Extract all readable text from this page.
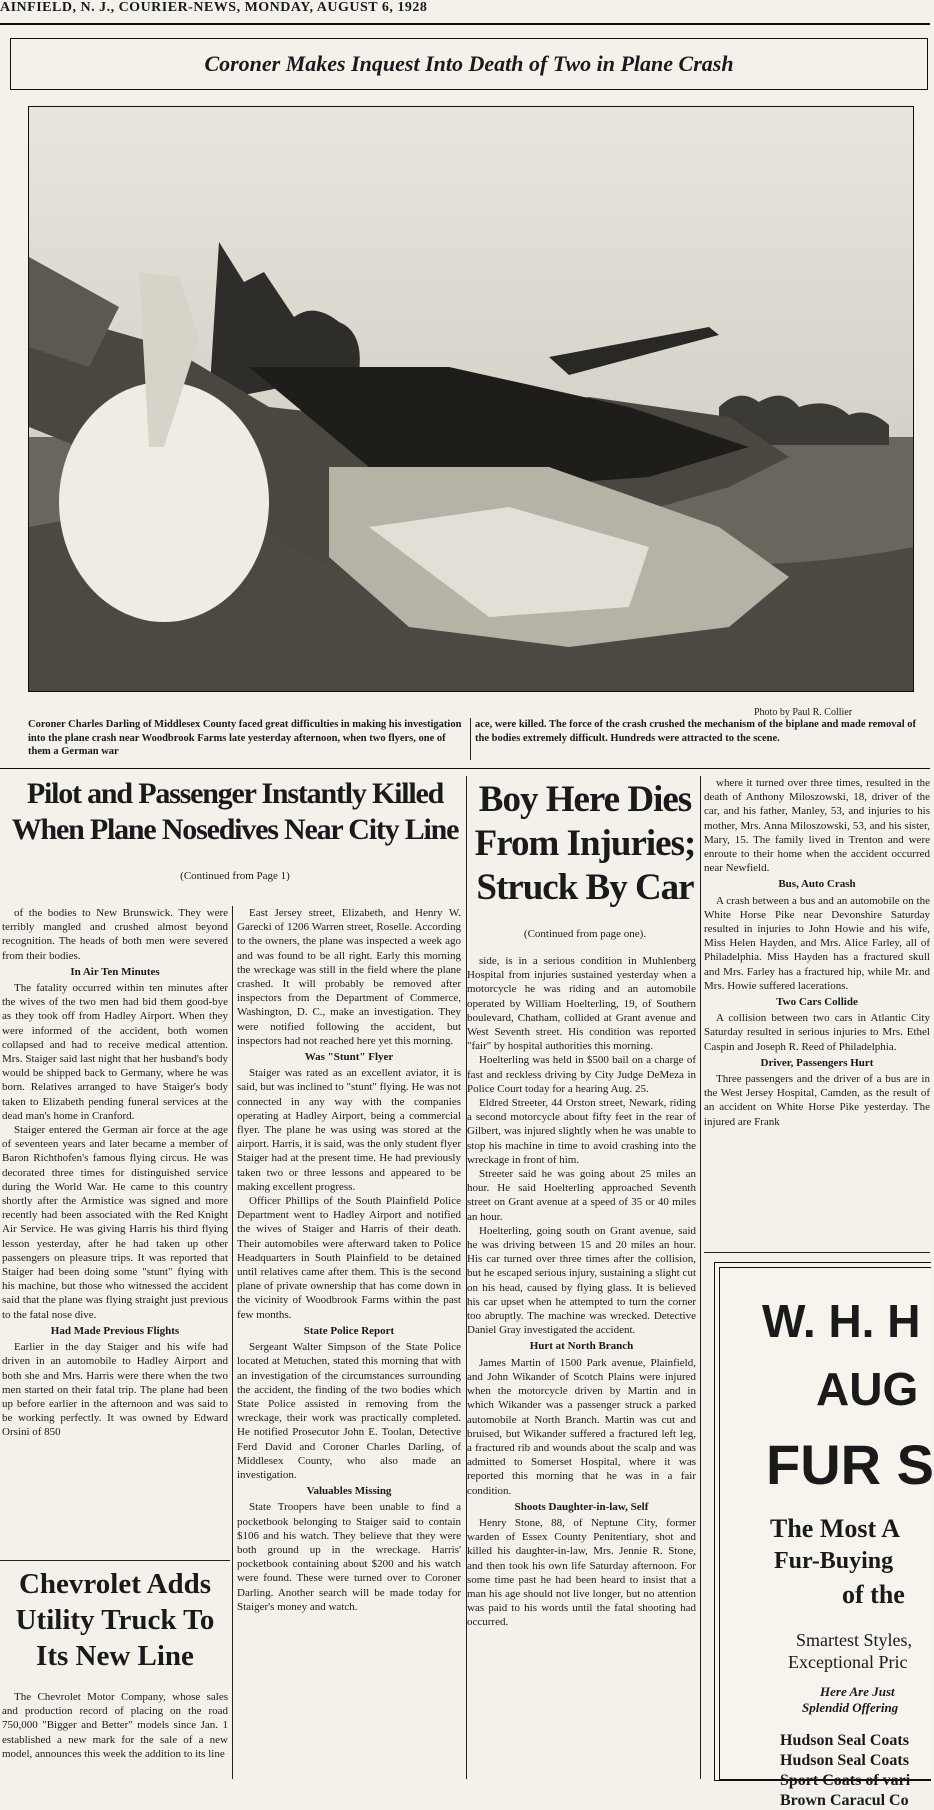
AINFIELD, N. J., COURIER-NEWS, MONDAY, AUGUST 6, 1928
Coroner Makes Inquest Into Death of Two in Plane Crash
Photo by Paul R. Collier
Coroner Charles Darling of Middlesex County faced great difficulties in making his investigation into the plane crash near Woodbrook Farms late yesterday afternoon, when two flyers, one of them a German war
ace, were killed. The force of the crash crushed the mechanism of the biplane and made removal of the bodies extremely difficult. Hundreds were attracted to the scene.
Pilot and Passenger Instantly Killed When Plane Nosedives Near City Line
(Continued from Page 1)

of the bodies to New Brunswick. They were terribly mangled and crushed almost beyond recognition. The heads of both men were severed from their bodies.

In Air Ten Minutes

The fatality occurred within ten minutes after the wives of the two men had bid them good-bye as they took off from Hadley Airport. When they were informed of the accident, both women collapsed and had to receive medical attention. Mrs. Staiger said last night that her husband's body would be shipped back to Germany, where he was born. Relatives arranged to have Staiger's body taken to Elizabeth pending funeral services at the dead man's home in Cranford.

Staiger entered the German air force at the age of seventeen years and later became a member of Baron Richthofen's famous flying circus. He was decorated three times for distinguished service during the World War. He came to this country shortly after the Armistice was signed and more recently had been associated with the Red Knight Air Service. He was giving Harris his third flying lesson yesterday, after he had taken up other passengers on pleasure trips. It was reported that Staiger had been doing some "stunt" flying with his machine, but those who witnessed the accident said that the plane was flying straight just previous to the fatal nose dive.

Had Made Previous Flights

Earlier in the day Staiger and his wife had driven in an automobile to Hadley Airport and both she and Mrs. Harris were there when the two men started on their fatal trip. The plane had been up before earlier in the afternoon and was said to be working perfectly. It was owned by Edward Orsini of 850

East Jersey street, Elizabeth, and Henry W. Garecki of 1206 Warren street, Roselle. According to the owners, the plane was inspected a week ago and was found to be all right. Early this morning the wreckage was still in the field where the plane crashed. It will probably be removed after inspectors from the Department of Commerce, Washington, D. C., make an investigation. They were notified following the accident, but inspectors had not reached here yet this morning.

Was "Stunt" Flyer

Staiger was rated as an excellent aviator, it is said, but was inclined to "stunt" flying. He was not connected in any way with the companies operating at Hadley Airport, being a commercial flyer. The plane he was using was stored at the airport. Harris, it is said, was the only student flyer Staiger had at the present time. He had previously taken two or three lessons and appeared to be making excellent progress.

Officer Phillips of the South Plainfield Police Department went to Hadley Airport and notified the wives of Staiger and Harris of their death. Their automobiles were afterward taken to Police Headquarters in South Plainfield to be detained until relatives came after them. This is the second plane of private ownership that has come down in the vicinity of Woodbrook Farms within the past few months.

State Police Report

Sergeant Walter Simpson of the State Police located at Metuchen, stated this morning that with an investigation of the circumstances surrounding the accident, the finding of the two bodies which State Police assisted in removing from the wreckage, their work was practically completed. He notified Prosecutor John E. Toolan, Detective Ferd David and Coroner Charles Darling, of Middlesex County, who also made an investigation.

Valuables Missing

State Troopers have been unable to find a pocketbook belonging to Staiger said to contain $106 and his watch. They believe that they were both ground up in the wreckage. Harris' pocketbook containing about $200 and his watch were found. These were turned over to Coroner Darling. Another search will be made today for Staiger's money and watch.

Chevrolet Adds Utility Truck To Its New Line

The Chevrolet Motor Company, whose sales and production record of placing on the road 750,000 "Bigger and Better" models since Jan. 1 established a new mark for the sale of a new model, announces this week the addition to its line

Boy Here Dies From Injuries; Struck By Car
(Continued from page one).

side, is in a serious condition in Muhlenberg Hospital from injuries sustained yesterday when a motorcycle he was riding and an automobile operated by William Hoelterling, 19, of Southern boulevard, Chatham, collided at Grant avenue and West Seventh street. His condition was reported "fair" by hospital authorities this morning.

Hoelterling was held in $500 bail on a charge of fast and reckless driving by City Judge DeMeza in Police Court today for a hearing Aug. 25.

Eldred Streeter, 44 Orston street, Newark, riding a second motorcycle about fifty feet in the rear of Gilbert, was injured slightly when he was unable to stop his machine in time to avoid crashing into the wreckage in front of him.

Streeter said he was going about 25 miles an hour. He said Hoelterling approached Seventh street on Grant avenue at a speed of 35 or 40 miles an hour.

Hoelterling, going south on Grant avenue, said he was driving between 15 and 20 miles an hour. His car turned over three times after the collision, but he escaped serious injury, sustaining a slight cut on his head, caused by flying glass. It is believed his car upset when he attempted to turn the corner too abruptly. The machine was wrecked. Detective Daniel Gray investigated the accident.

Hurt at North Branch

James Martin of 1500 Park avenue, Plainfield, and John Wikander of Scotch Plains were injured when the motorcycle driven by Martin and in which Wikander was a passenger struck a parked automobile at North Branch. Martin was cut and bruised, but Wikander suffered a fractured left leg, a fractured rib and wounds about the scalp and was admitted to Somerset Hospital, where it was reported this morning that he was in a fair condition.

Shoots Daughter-in-law, Self

Henry Stone, 88, of Neptune City, former warden of Essex County Penitentiary, shot and killed his daughter-in-law, Mrs. Jennie R. Stone, and then took his own life Saturday afternoon. For some time past he had been heard to insist that a man his age should not live longer, but no attention was paid to his words until the fatal shooting had occurred.

where it turned over three times, resulted in the death of Anthony Miloszowski, 18, driver of the car, and his father, Manley, 53, and injuries to his mother, Mrs. Anna Miloszowski, 53, and his sister, Mary, 15. The family lived in Trenton and were enroute to their home when the accident occurred near Newfield.

Bus, Auto Crash

A crash between a bus and an automobile on the White Horse Pike near Devonshire Saturday resulted in injuries to John Howie and his wife, Miss Helen Hayden, and Mrs. Alice Farley, all of Philadelphia. Miss Hayden has a fractured skull and Mrs. Farley has a fractured hip, while Mr. and Mrs. Howie suffered lacerations.

Two Cars Collide

A collision between two cars in Atlantic City Saturday resulted in serious injuries to Mrs. Ethel Caspin and Joseph R. Reed of Philadelphia.

Driver, Passengers Hurt

Three passengers and the driver of a bus are in the West Jersey Hospital, Camden, as the result of an accident on White Horse Pike yesterday. The injured are Frank

W. H. H
AUG
FUR S
The Most A
Fur-Buying
of the
Smartest Styles,
Exceptional Pric
Here Are Just
Splendid Offering
Hudson Seal Coats
Hudson Seal Coats
Sport Coats of vari
Brown Caracul Co
